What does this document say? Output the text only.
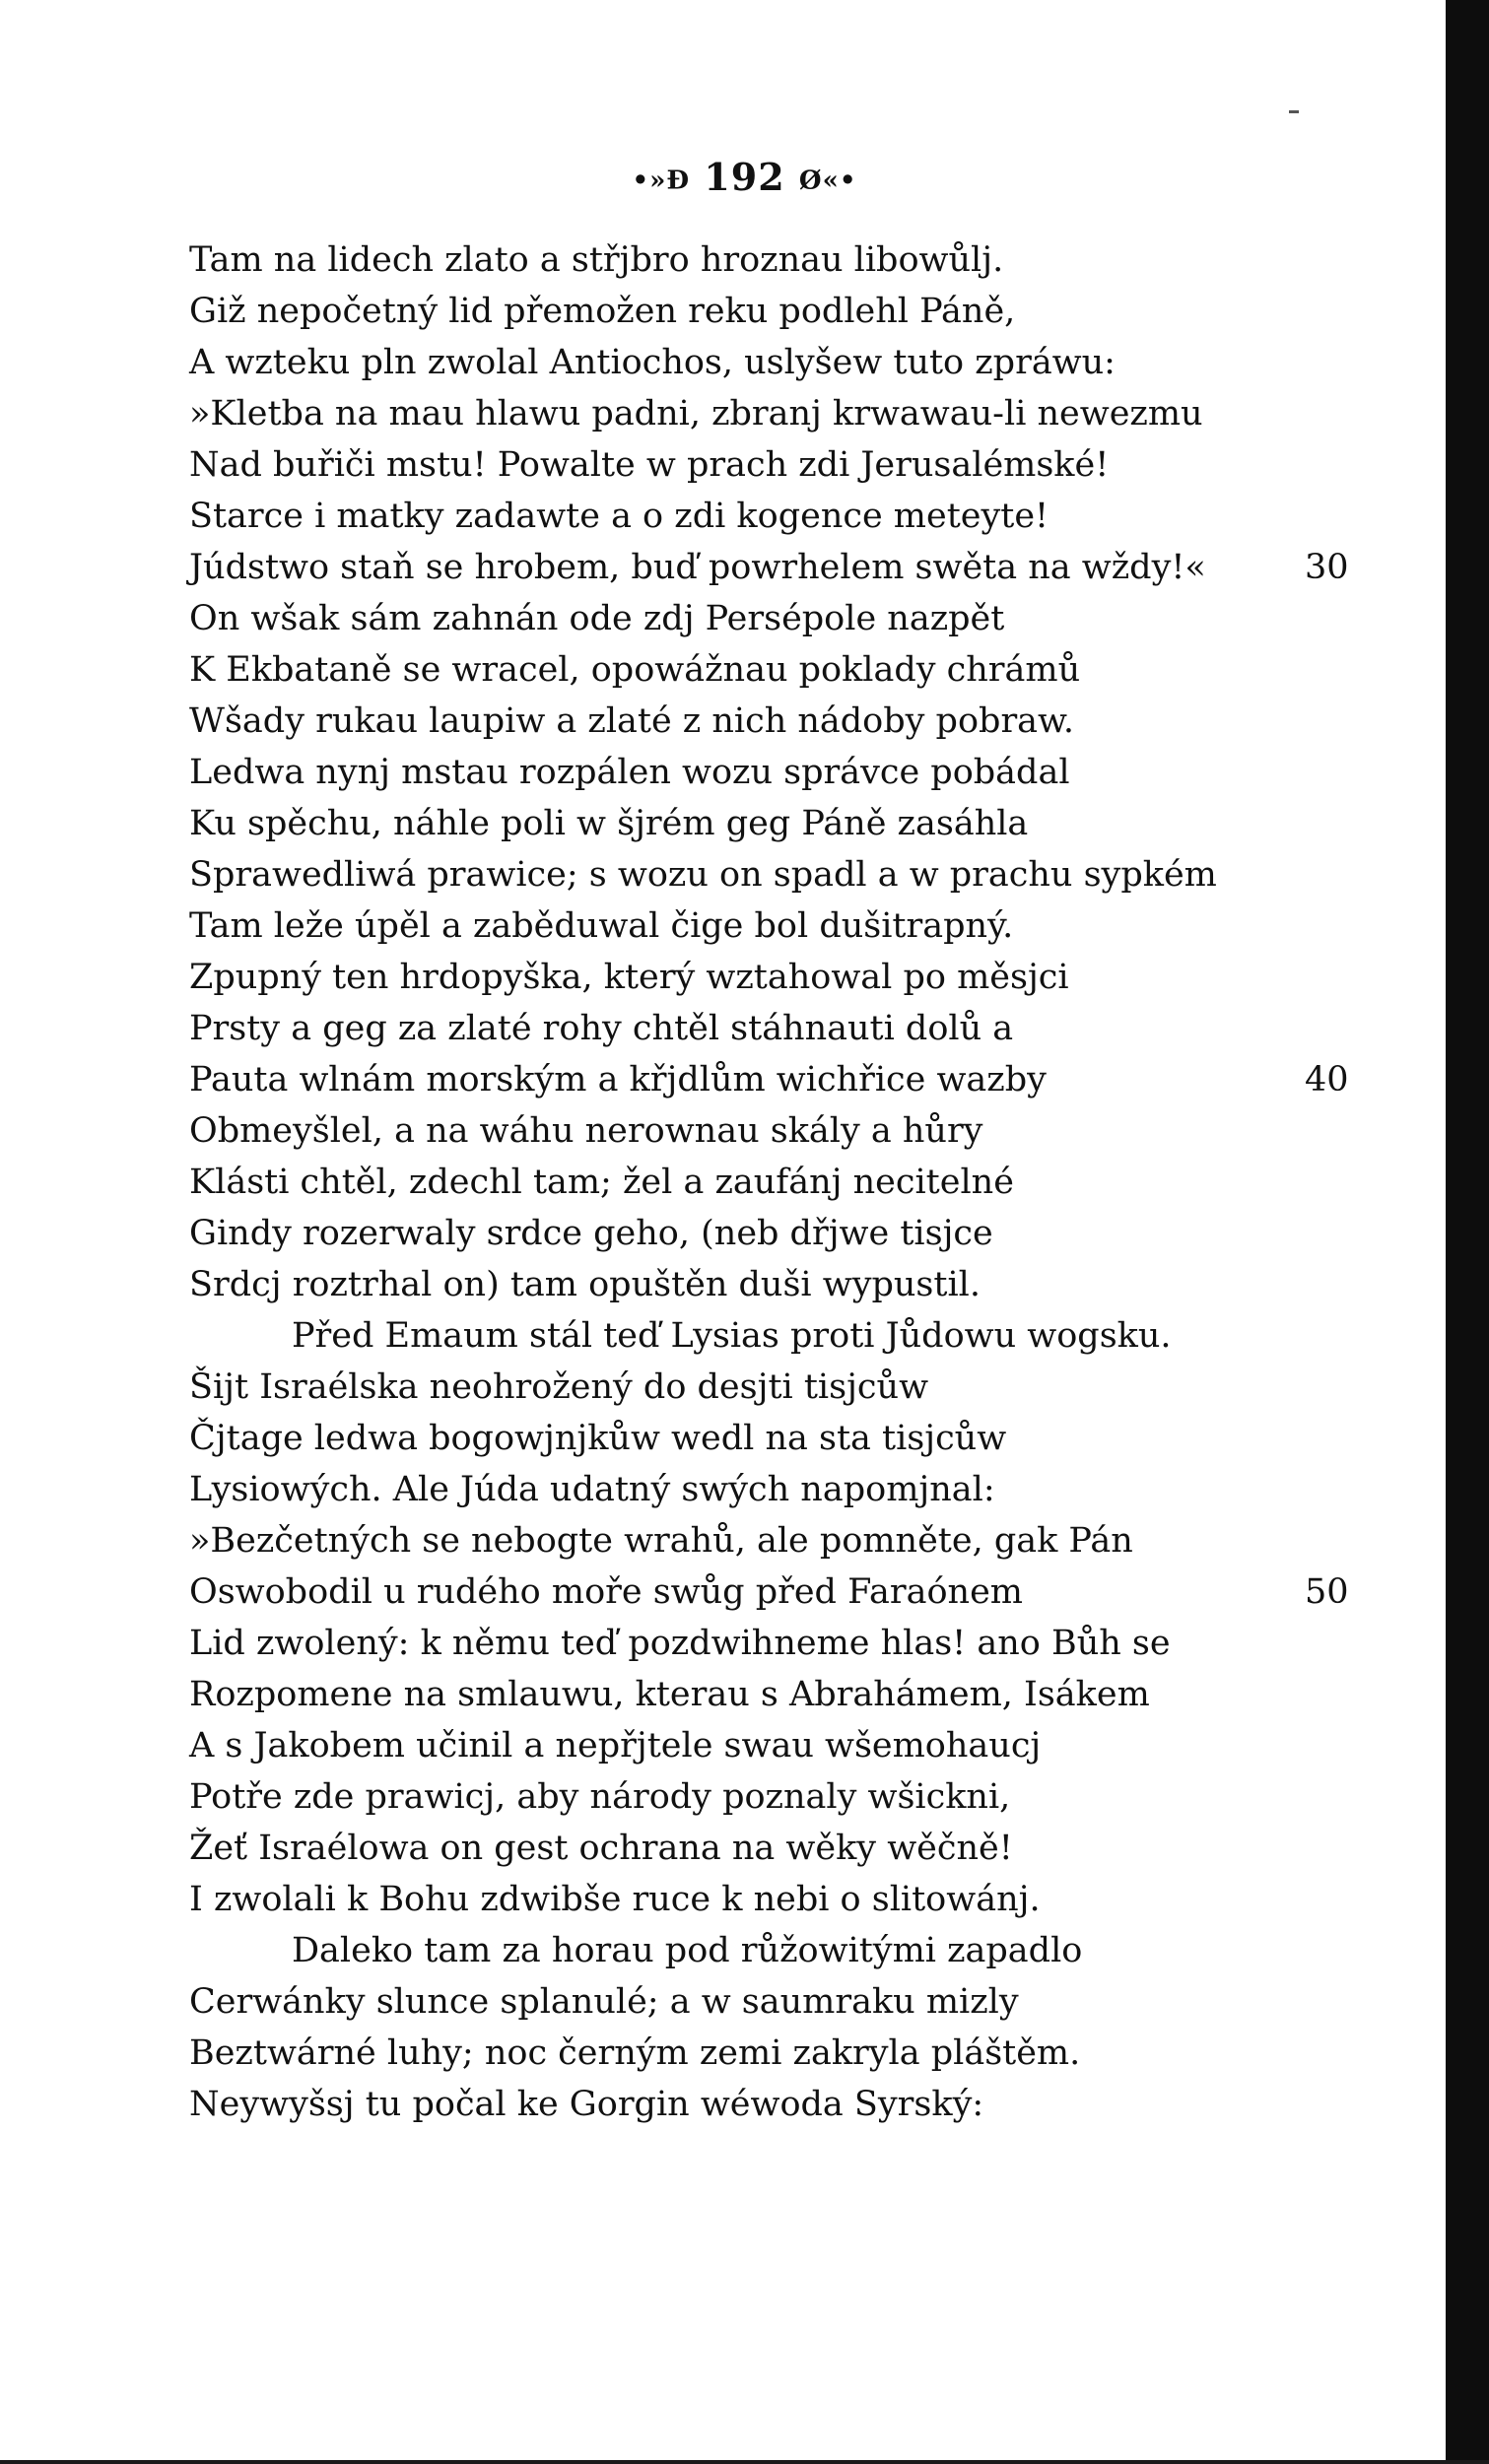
•»Ð 192 Ø«•
Tam na lidech zlato a střjbro hroznau libowůlj.
Giž nepočetný lid přemožen reku podlehl Páně,
A wzteku pln zwolal Antiochos, uslyšew tuto zpráwu:
»Kletba na mau hlawu padni, zbranj krwawau-li newezmu
Nad buřiči mstu! Powalte w prach zdi Jerusalémské!
Starce i matky zadawte a o zdi kogence meteyte!
Júdstwo staň se hrobem, buď powrhelem swěta na wždy!«	30
On wšak sám zahnán ode zdj Persépole nazpět
K Ekbataně se wracel, opowážnau poklady chrámů
Wšady rukau laupiw a zlaté z nich nádoby pobraw.
Ledwa nynj mstau rozpálen wozu správce pobádal
Ku spěchu, náhle poli w šjrém geg Páně zasáhla
Sprawedliwá prawice; s wozu on spadl a w prachu sypkém
Tam leže úpěl a zaběduwal čige bol dušitrapný.
Zpupný ten hrdopyška, který wztahowal po měsjci
Prsty a geg za zlaté rohy chtěl stáhnauti dolů a
Pauta wlnám morským a křjdlům wichřice wazby	40
Obmeyšlel, a na wáhu nerownau skály a hůry
Klásti chtěl, zdechl tam; žel a zaufánj necitelné
Gindy rozerwaly srdce geho, (neb dřjwe tisjce
Srdcj roztrhal on) tam opuštěn duši wypustil.
Před Emaum stál teď Lysias proti Jůdowu wogsku.
Šijt Israélska neohrožený do desjti tisjcůw
Čjtage ledwa bogowjnjkůw wedl na sta tisjcůw
Lysiowých. Ale Júda udatný swých napomjnal:
»Bezčetných se nebogte wrahů, ale pomněte, gak Pán
Oswobodil u rudého moře swůg před Faraónem	50
Lid zwolený: k němu teď pozdwihneme hlas! ano Bůh se
Rozpomene na smlauwu, kterau s Abrahámem, Isákem
A s Jakobem učinil a nepřjtele swau wšemohaucj
Potře zde prawicj, aby národy poznaly wšickni,
Žeť Israélowa on gest ochrana na wěky wěčně!
I zwolali k Bohu zdwibše ruce k nebi o slitowánj.
Daleko tam za horau pod růžowitými zapadlo
Cerwánky slunce splanulé; a w saumraku mizly
Beztwárné luhy; noc černým zemi zakryla pláštěm.
Neywyšsj tu počal ke Gorgin wéwoda Syrský:
